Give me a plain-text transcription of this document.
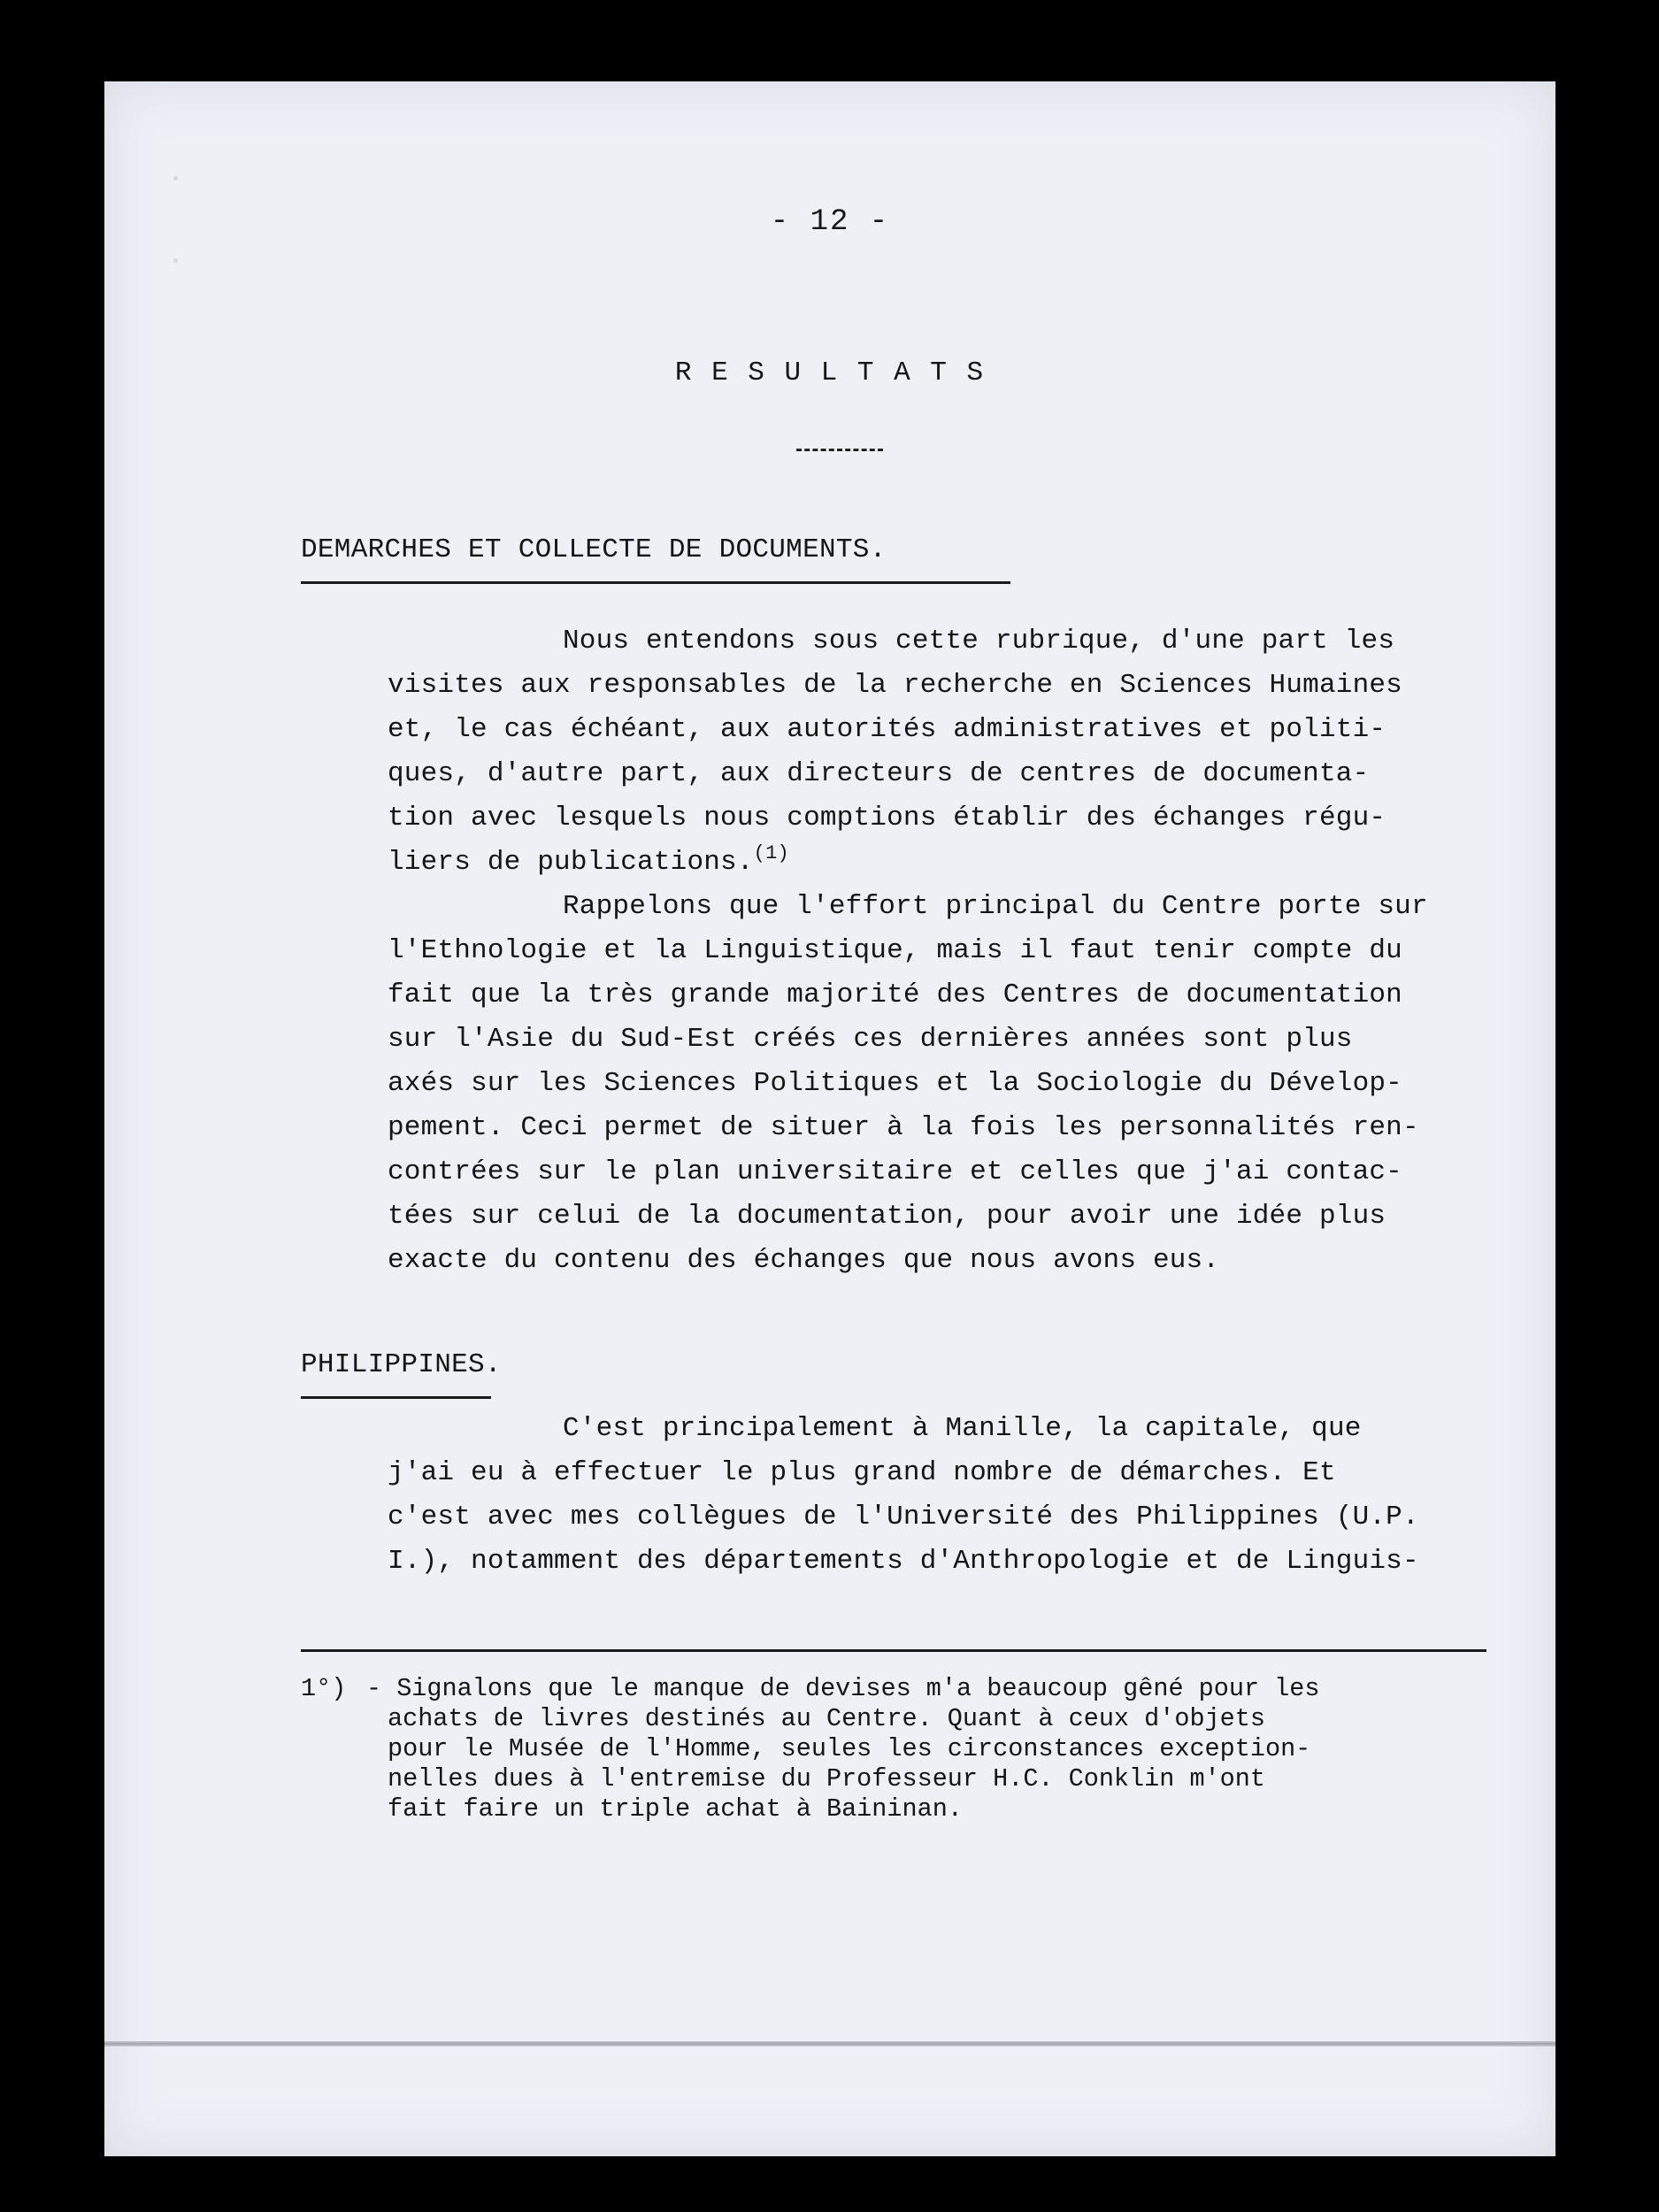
- 12 -
R E S U L T A T S
DEMARCHES ET COLLECTE DE DOCUMENTS.
Nous entendons sous cette rubrique, d'une part les
visites aux responsables de la recherche en Sciences Humaines
et, le cas échéant, aux autorités administratives et politi-
ques, d'autre part, aux directeurs de centres de documenta-
tion avec lesquels nous comptions établir des échanges régu-
liers de publications.$^{(1)}$
Rappelons que l'effort principal du Centre porte sur
l'Ethnologie et la Linguistique, mais il faut tenir compte du
fait que la très grande majorité des Centres de documentation
sur l'Asie du Sud-Est créés ces dernières années sont plus
axés sur les Sciences Politiques et la Sociologie du Dévelop-
pement. Ceci permet de situer à la fois les personnalités ren-
contrées sur le plan universitaire et celles que j'ai contac-
tées sur celui de la documentation, pour avoir une idée plus
exacte du contenu des échanges que nous avons eus.
PHILIPPINES.
C'est principalement à Manille, la capitale, que
j'ai eu à effectuer le plus grand nombre de démarches. Et
c'est avec mes collègues de l'Université des Philippines (U.P.
I.), notamment des départements d'Anthropologie et de Linguis-
1°) - Signalons que le manque de devises m'a beaucoup gêné pour les
achats de livres destinés au Centre. Quant à ceux d'objets
pour le Musée de l'Homme, seules les circonstances exception-
nelles dues à l'entremise du Professeur H.C. Conklin m'ont
fait faire un triple achat à Baininan.
